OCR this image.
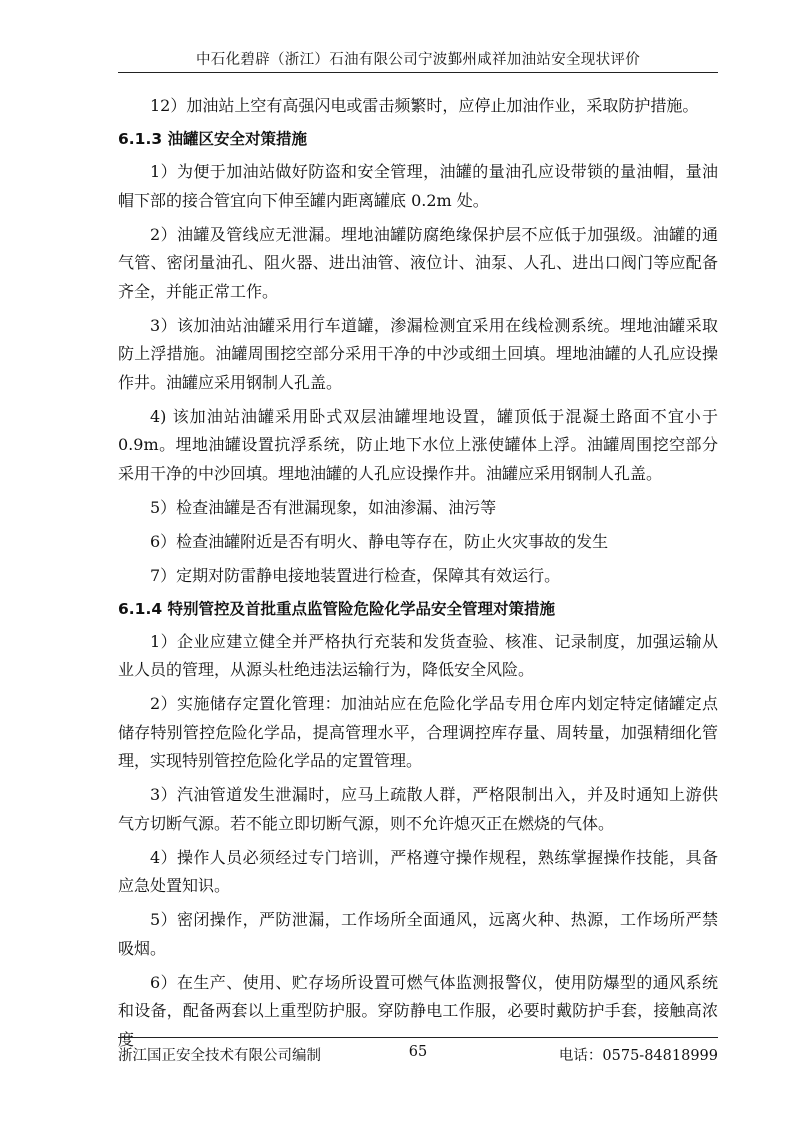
中石化碧辟（浙江）石油有限公司宁波鄞州咸祥加油站安全现状评价
12）加油站上空有高强闪电或雷击频繁时，应停止加油作业，采取防护措施。
6.1.3 油罐区安全对策措施
1）为便于加油站做好防盗和安全管理，油罐的量油孔应设带锁的量油帽，量油帽下部的接合管宜向下伸至罐内距离罐底 0.2m 处。
2）油罐及管线应无泄漏。埋地油罐防腐绝缘保护层不应低于加强级。油罐的通气管、密闭量油孔、阻火器、进出油管、液位计、油泵、人孔、进出口阀门等应配备齐全，并能正常工作。
3）该加油站油罐采用行车道罐，渗漏检测宜采用在线检测系统。埋地油罐采取防上浮措施。油罐周围挖空部分采用干净的中沙或细土回填。埋地油罐的人孔应设操作井。油罐应采用钢制人孔盖。
4) 该加油站油罐采用卧式双层油罐埋地设置，罐顶低于混凝土路面不宜小于 0.9m。埋地油罐设置抗浮系统，防止地下水位上涨使罐体上浮。油罐周围挖空部分采用干净的中沙回填。埋地油罐的人孔应设操作井。油罐应采用钢制人孔盖。
5）检查油罐是否有泄漏现象，如油渗漏、油污等
6）检查油罐附近是否有明火、静电等存在，防止火灾事故的发生
7）定期对防雷静电接地装置进行检查，保障其有效运行。
6.1.4 特别管控及首批重点监管险危险化学品安全管理对策措施
1）企业应建立健全并严格执行充装和发货查验、核准、记录制度，加强运输从业人员的管理，从源头杜绝违法运输行为，降低安全风险。
2）实施储存定置化管理：加油站应在危险化学品专用仓库内划定特定储罐定点储存特别管控危险化学品，提高管理水平，合理调控库存量、周转量，加强精细化管理，实现特别管控危险化学品的定置管理。
3）汽油管道发生泄漏时，应马上疏散人群，严格限制出入，并及时通知上游供气方切断气源。若不能立即切断气源，则不允许熄灭正在燃烧的气体。
4）操作人员必须经过专门培训，严格遵守操作规程，熟练掌握操作技能，具备应急处置知识。
5）密闭操作，严防泄漏，工作场所全面通风，远离火种、热源，工作场所严禁吸烟。
6）在生产、使用、贮存场所设置可燃气体监测报警仪，使用防爆型的通风系统和设备，配备两套以上重型防护服。穿防静电工作服，必要时戴防护手套，接触高浓度
浙江国正安全技术有限公司编制	65	电话：0575-84818999
